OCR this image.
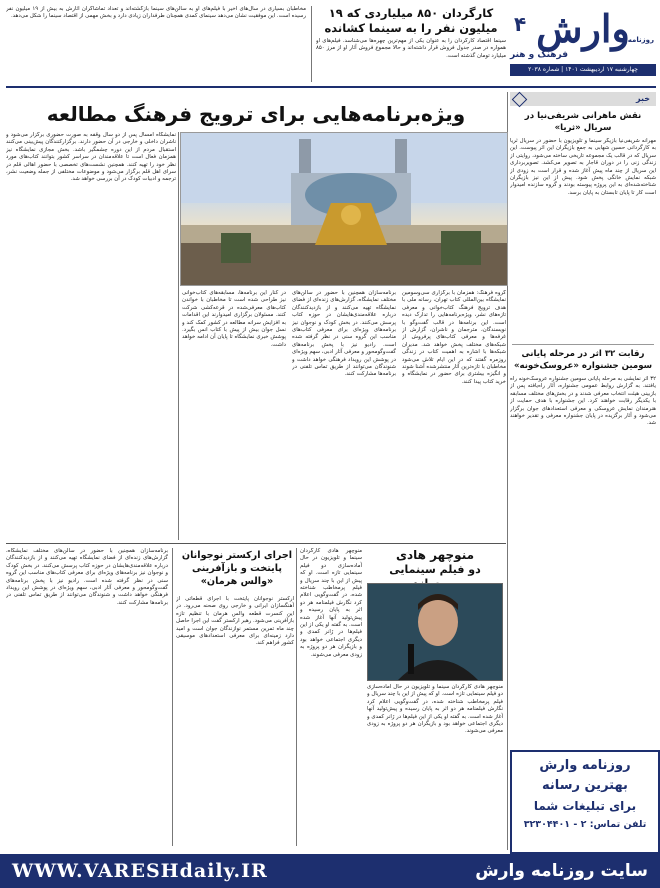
وارش
روزنامه
۴
فرهنگ و هنر
چهارشنبه ۱۷ اردیبهشت ۱۴۰۱ | شماره ۲۰۳۸
کارگردان ۸۵۰ میلیاردی که ۱۹ میلیون نفر را به سینما کشانده
سینما اقتصاد کارگردان را به عنوان یکی از مهم‌ترین چهره‌ها می‌شناسد. فیلم‌های او همواره در صدر جدول فروش قرار داشته‌اند و حالا مجموع فروش آثار او از مرز ۸۵۰ میلیارد تومان گذشته است.
مخاطبان بسیاری در سال‌های اخیر با فیلم‌های او به سالن‌های سینما بازگشته‌اند و تعداد تماشاگران آثارش به بیش از ۱۹ میلیون نفر رسیده است. این موفقیت نشان می‌دهد سینمای کمدی همچنان طرفداران زیادی دارد و بخش مهمی از اقتصاد سینما را شکل می‌دهد.
خبر
نقش ماهرانی شریفی‌نیا در سریال «ثریا»
مهرانه شریفی‌نیا بازیگر سینما و تلویزیون با حضور در سریال ثریا به کارگردانی حسین شهابی به جمع بازیگران این اثر پیوست. این سریال که در قالب یک مجموعه تاریخی ساخته می‌شود، روایتی از زندگی زنی را در دوران قاجار به تصویر می‌کشد. تصویربرداری این سریال از چند ماه پیش آغاز شده و قرار است به زودی از شبکه نمایش خانگی پخش شود. پیش از این نیز بازیگران شناخته‌شده‌ای به این پروژه پیوسته بودند و گروه سازنده امیدوار است کار تا پایان تابستان به پایان برسد.
رقابت ۳۲ اثر در مرحله پایانی سومین جشنواره «عروسک‌خونه»
۳۲ اثر نمایشی به مرحله پایانی سومین جشنواره عروسک‌خونه راه یافتند. به گزارش روابط عمومی جشنواره، آثار راه‌یافته پس از بازبینی هیئت انتخاب معرفی شدند و در بخش‌های مختلف مسابقه با یکدیگر رقابت خواهند کرد. این جشنواره با هدف حمایت از هنرمندان نمایش عروسکی و معرفی استعدادهای جوان برگزار می‌شود و آثار برگزیده در پایان جشنواره معرفی و تقدیر خواهند شد.
ویژه‌برنامه‌هایی برای ترویج فرهنگ مطالعه
نمایشگاه امسال پس از دو سال وقفه به صورت حضوری برگزار می‌شود و ناشران داخلی و خارجی در آن حضور دارند. برگزارکنندگان پیش‌بینی می‌کنند استقبال مردم از این دوره چشمگیر باشد. بخش مجازی نمایشگاه نیز همزمان فعال است تا علاقه‌مندان در سراسر کشور بتوانند کتاب‌های مورد نظر خود را تهیه کنند. همچنین نشست‌های تخصصی با حضور اهالی قلم در سرای اهل قلم برگزار می‌شود و موضوعات مختلفی از جمله وضعیت نشر، ترجمه و ادبیات کودک در آن بررسی خواهد شد.
در کنار این برنامه‌ها، مسابقه‌های کتاب‌خوانی نیز طراحی شده است تا مخاطبان با خواندن کتاب‌های معرفی‌شده در قرعه‌کشی شرکت کنند. مسئولان برگزاری امیدوارند این اقدامات به افزایش سرانه مطالعه در کشور کمک کند و نسل جوان بیش از پیش با کتاب انس بگیرد. پوشش خبری نمایشگاه تا پایان آن ادامه خواهد داشت.
برنامه‌سازان همچنین با حضور در سالن‌های مختلف نمایشگاه، گزارش‌های زنده‌ای از فضای نمایشگاه تهیه می‌کنند و از بازدیدکنندگان درباره علاقه‌مندی‌هایشان در حوزه کتاب پرسش می‌کنند. در بخش کودک و نوجوان نیز برنامه‌های ویژه‌ای برای معرفی کتاب‌های مناسب این گروه سنی در نظر گرفته شده است. رادیو نیز با پخش برنامه‌های گفت‌وگومحور و معرفی آثار ادبی، سهم ویژه‌ای در پوشش این رویداد فرهنگی خواهد داشت و شنوندگان می‌توانند از طریق تماس تلفنی در برنامه‌ها مشارکت کنند.
گروه فرهنگ: همزمان با برگزاری سی‌وسومین نمایشگاه بین‌المللی کتاب تهران، رسانه ملی با هدف ترویج فرهنگ کتاب‌خوانی و معرفی تازه‌های نشر، ویژه‌برنامه‌هایی را تدارک دیده است. این برنامه‌ها در قالب گفت‌وگو با نویسندگان، مترجمان و ناشران، گزارش از غرفه‌ها و معرفی کتاب‌های پرفروش از شبکه‌های مختلف پخش خواهد شد. مدیران شبکه‌ها با اشاره به اهمیت کتاب در زندگی روزمره گفتند که در این ایام تلاش می‌شود مخاطبان با تازه‌ترین آثار منتشرشده آشنا شوند و انگیزه بیشتری برای حضور در نمایشگاه و خرید کتاب پیدا کنند.
منوچهر هادی
دو فیلم سینمایی
منوچهر هادی کارگردان سینما و تلویزیون در حال آماده‌سازی دو فیلم سینمایی تازه است. او که پیش از این با چند سریال و فیلم پرمخاطب شناخته شده، در گفت‌وگویی اعلام کرد نگارش فیلمنامه هر دو اثر به پایان رسیده و پیش‌تولید آنها آغاز شده است. به گفته او یکی از این فیلم‌ها در ژانر کمدی و دیگری اجتماعی خواهد بود و بازیگران هر دو پروژه به زودی معرفی می‌شوند.
منوچهر هادی کارگردان سینما و تلویزیون در حال آماده‌سازی دو فیلم سینمایی تازه است. او که پیش از این با چند سریال و فیلم پرمخاطب شناخته شده، در گفت‌وگویی اعلام کرد نگارش فیلمنامه هر دو اثر به پایان رسیده و پیش‌تولید آنها آغاز شده است. به گفته او یکی از این فیلم‌ها در ژانر کمدی و دیگری اجتماعی خواهد بود و بازیگران هر دو پروژه به زودی معرفی می‌شوند.
اجرای ارکستر نوجوانان
پایتخت و بازآفرینی
«والس هرمان»
ارکستر نوجوانان پایتخت با اجرای قطعاتی از آهنگسازان ایرانی و خارجی روی صحنه می‌رود. در این کنسرت قطعه والس هرمان با تنظیم تازه بازآفرینی می‌شود. رهبر ارکستر گفت این اجرا حاصل چند ماه تمرین مستمر نوازندگان جوان است و امید دارد زمینه‌ای برای معرفی استعدادهای موسیقی کشور فراهم کند.
برنامه‌سازان همچنین با حضور در سالن‌های مختلف نمایشگاه، گزارش‌های زنده‌ای از فضای نمایشگاه تهیه می‌کنند و از بازدیدکنندگان درباره علاقه‌مندی‌هایشان در حوزه کتاب پرسش می‌کنند. در بخش کودک و نوجوان نیز برنامه‌های ویژه‌ای برای معرفی کتاب‌های مناسب این گروه سنی در نظر گرفته شده است. رادیو نیز با پخش برنامه‌های گفت‌وگومحور و معرفی آثار ادبی، سهم ویژه‌ای در پوشش این رویداد فرهنگی خواهد داشت و شنوندگان می‌توانند از طریق تماس تلفنی در برنامه‌ها مشارکت کنند.
روزنامه وارش
بهترین رسانه
برای تبلیغات شما
تلفن تماس: ۲ - ۳۲۳۰۴۴۰۱
WWW.VARESHdaily.IR	سایت روزنامه وارش
